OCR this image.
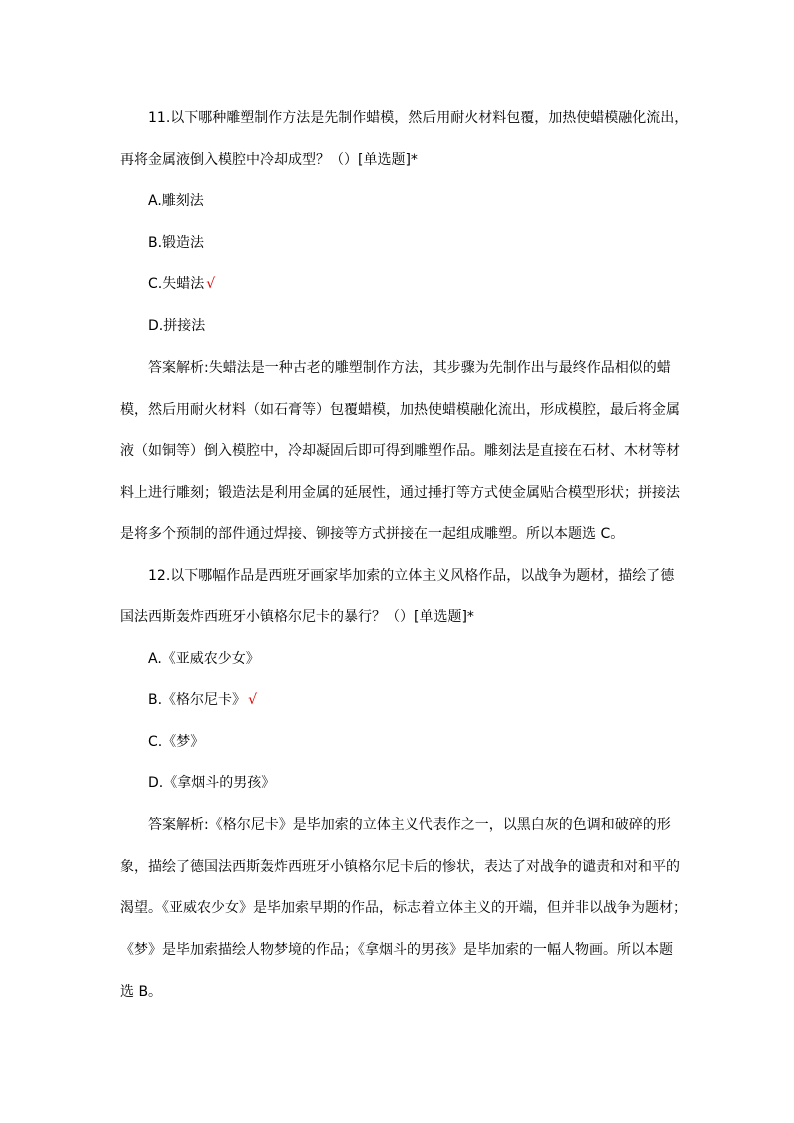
11.以下哪种雕塑制作方法是先制作蜡模，然后用耐火材料包覆，加热使蜡模融化流出，
再将金属液倒入模腔中冷却成型？（）[单选题]*
A.雕刻法
B.锻造法
C.失蜡法 √
D.拼接法
答案解析:失蜡法是一种古老的雕塑制作方法，其步骤为先制作出与最终作品相似的蜡
模，然后用耐火材料（如石膏等）包覆蜡模，加热使蜡模融化流出，形成模腔，最后将金属
液（如铜等）倒入模腔中，冷却凝固后即可得到雕塑作品。雕刻法是直接在石材、木材等材
料上进行雕刻；锻造法是利用金属的延展性，通过捶打等方式使金属贴合模型形状；拼接法
是将多个预制的部件通过焊接、铆接等方式拼接在一起组成雕塑。所以本题选 C。
12.以下哪幅作品是西班牙画家毕加索的立体主义风格作品，以战争为题材，描绘了德
国法西斯轰炸西班牙小镇格尔尼卡的暴行？（）[单选题]*
A.《亚威农少女》
B.《格尔尼卡》 √
C.《梦》
D.《拿烟斗的男孩》
答案解析:《格尔尼卡》是毕加索的立体主义代表作之一，以黑白灰的色调和破碎的形
象，描绘了德国法西斯轰炸西班牙小镇格尔尼卡后的惨状，表达了对战争的谴责和对和平的
渴望。《亚威农少女》是毕加索早期的作品，标志着立体主义的开端，但并非以战争为题材；
《梦》是毕加索描绘人物梦境的作品；《拿烟斗的男孩》是毕加索的一幅人物画。所以本题
选 B。
